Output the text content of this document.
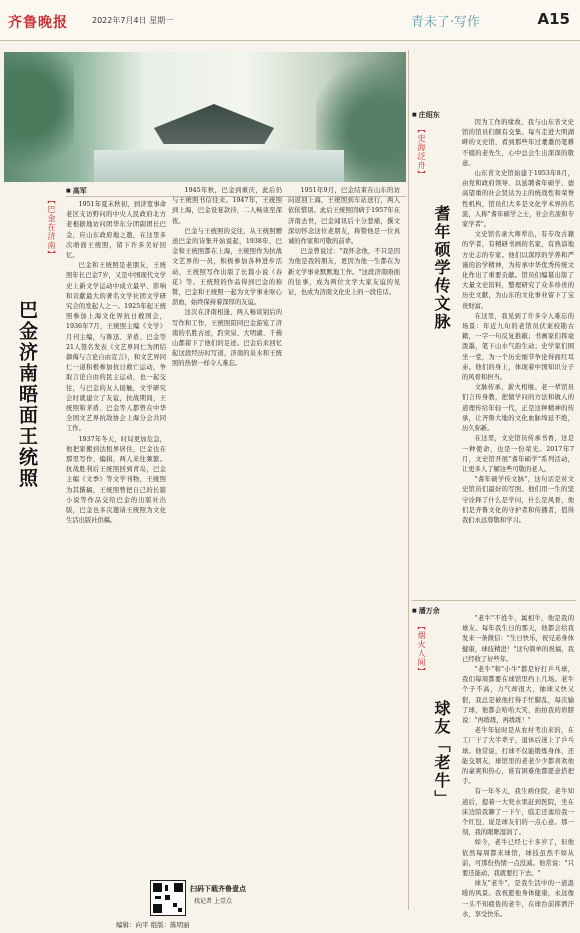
齐鲁晚报	2022年7月4日 星期一	青未了·写作	A15
【巴金在济南】
巴金济南晤面王统照
■ 高军

1951年夏末秋初，到济宽事命老区支访野问的中央人民政府北方老根据地访问团华东分团副团长巴金，应山东政府地之邀，在这里多次晤面王统照，留下许多美好回忆。

巴金和王统照是老朋友，王统照年长巴金7岁，又是中国现代文学史上新文学运动中成立最早、影响和贡献最大的著名文学社团文学研究会的发起人之一。1925年起王统照参加上海文化界抗日救国会，1936年7月，王统照主编《文学》月刊主编，与鲁迅、茅盾、巴金等21人签名发表《文艺界同仁为团结御侮与言论自由宣言》，和文艺界同仁一道积极参加抗日救亡运动，争取言论自由的民主运动，也一起交往，与巴金的友人接触，文学研究会时就建立了友谊，抗战期间，王统照和茅盾、巴金等人都曾在中华全国文艺界抗敌协会上海分会共同工作。

1937年冬天，时局更加危急，他把家搬到法租界居住，巴金也在那里写作、编辑，两人来往频繁。抗战胜利后王统照回到青岛，巴金主编《文季》等文学刊物，王统照为其撰稿，王统照曾把自己的长篇小说等作品交给巴金的出版社出版，巴金也多次邀请王统照为文化生活出版社供稿。

1945年秋，巴金到重庆，此后仍与王统照书信往来。1947年，王统照到上海，巴金设宴款待，二人畅谈至深夜。

巴金与王统照的交往，从王统照赠送巴金的诗集开始说起，1938年，巴金和王统照都在上海，王统照作为抗战文艺界的一员，积极参加各种进步活动，王统照写作出版了长篇小说《春花》等。王统照的作品得到巴金的称赞，巴金和王统照一起为文学事业呕心沥血，始终保持着深厚的友谊。

这次在济南相逢，两人畅谈别后的写作和工作，王统照陪同巴金游览了济南的名胜古迹，趵突泉、大明湖、千佛山都留下了他们的足迹。巴金后来回忆起这段经历时写道，济南的泉水和王统照的热情一样令人难忘。

1951年9月，巴金结束在山东的访问返回上海，王统照到车站送行，两人依依惜别。此后王统照因病于1957年在济南去世，巴金闻讯后十分悲痛，撰文深切怀念这位老朋友，称赞他是一位真诚的作家和可敬的前辈。

巴金曾说过："我怀念他，不只是因为他是我的朋友，更因为他一生都在为新文学事业默默地工作。"这段济南晤面的往事，成为两位文学大家友谊的见证，也成为济南文化史上的一段佳话。

■ 庄绍东
【史海泛舟】
耆年硕学传文脉

因为工作的缘故，我与山东省文史馆的馆员们颇有交集。每当走进大明湖畔的文史馆，看到那些年过耄耋仍笔耕不辍的老先生，心中总会生出深深的敬意。

山东省文史馆始建于1953年8月，由党和政府领导、以延聘耆年硕学、德高望重的社会贤达为主的统战性和荣誉性机构，馆员们大多是文化学术界的名流，人称"耆年硕学之士，社会名流和专家学者"。

文史馆名录大师辈出，有专攻古籍的学者，有精研书画的名家，有熟谙地方史志的专家。他们以深厚的学养和严谨的治学精神，为传承中华优秀传统文化作出了重要贡献。馆员们编纂出版了大量文史资料，整理研究了众多珍贵的历史文献，为山东的文化事业留下了宝贵财富。

在这里，我见到了许多令人难忘的场景：年近九旬的老馆员伏案校勘古籍，一字一句反复推敲；书画家们挥毫泼墨，笔下山水气韵生动；史学家们围坐一堂，为一个历史细节争论得面红耳赤。他们的身上，体现着中国知识分子的风骨和担当。

文脉传承，薪火相继。老一辈馆员们言传身教，把做学问的方法和做人的道理传给年轻一代，正是这种精神的传承，让齐鲁大地的文化血脉绵延不绝，历久弥新。

在这里，文史馆员传承书香，这是一种使命，也是一份荣光。2017年7月，文史馆开展"耆年硕学"系列活动，让更多人了解这些可敬的老人。

"耆年硕学传文脉"，这句话是对文史馆员们最好的写照。他们用一生的坚守诠释了什么是学问，什么是风骨，他们是齐鲁文化的守护者和传播者，值得我们永远尊敬和学习。

■ 潘万余
【烟火人间】
球友「老牛」

"老牛"不姓牛，属相牛，他是我的球友。每年我生日的那天，他都会给我发来一条微信："生日快乐，祝兄弟身体健康，球技精进！"这句简单的祝福，我已经收了好些年。

"老牛"和"小牛"都是好打乒乓球，我们每周都要在球馆里约上几场。老牛个子不高，力气却很大，抽球又快又狠，我总是被他打得手忙脚乱，每次输了球，他都会哈哈大笑，拍拍我的肩膀说："再练练，再练练！"

老牛年轻时是从农村考出来的，在工厂干了大半辈子，退休后迷上了乒乓球。他常说，打球不仅能锻炼身体，还能交朋友，球馆里的老老少少都喜欢他的豪爽和热心，谁有困难他都愿意搭把手。

有一年冬天，我生病住院，老牛知道后，提着一大兜水果赶到医院，坐在床边陪我聊了一下午，临走还塞给我一个红包，说是球友们的一点心意。那一刻，我的眼眶湿润了。

如今，老牛已经七十多岁了，但他依然每周都来球馆，球技虽然不如从前，可那份热情一点没减。他常说："只要还能动，我就要打下去。"

球友"老牛"，是我生活中的一道温暖的风景。我祝愿他身体健康，永远像一头不知疲倦的老牛，在球台前挥洒汗水，享受快乐。

扫码下载齐鲁壹点
找记者 上壹点
编辑：向平 组版：陈明丽
